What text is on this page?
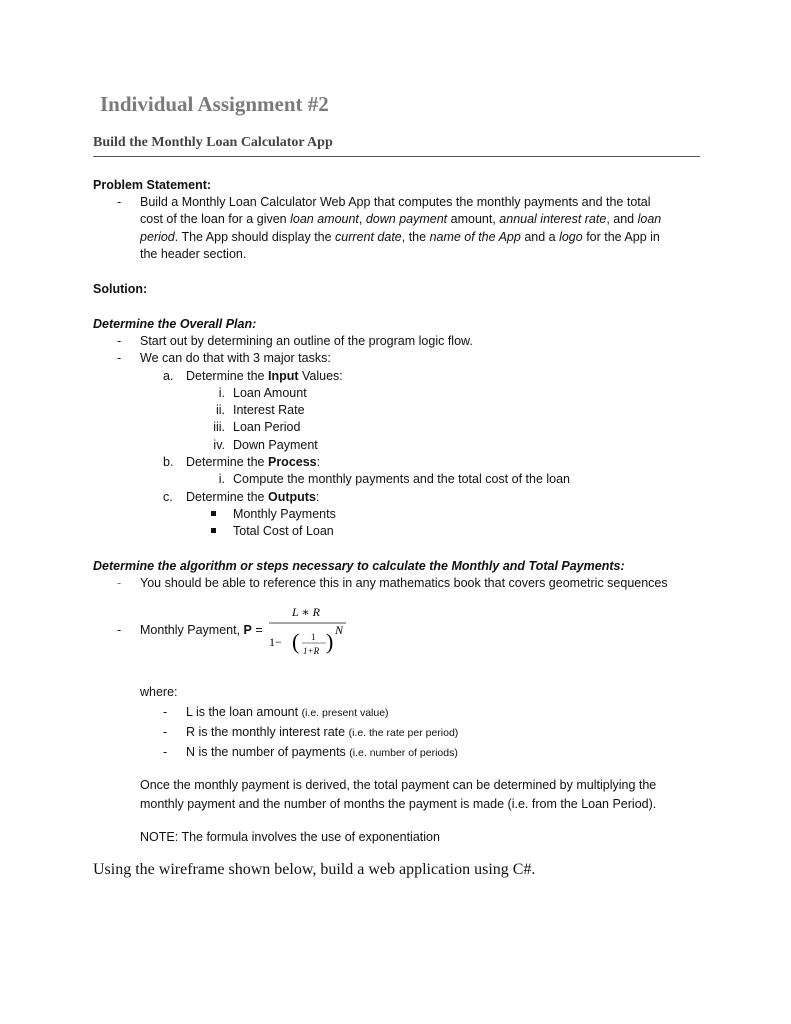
Individual Assignment #2
Build the Monthly Loan Calculator App
Problem Statement:
- Build a Monthly Loan Calculator Web App that computes the monthly payments and the total
cost of the loan for a given loan amount, down payment amount, annual interest rate, and loan
period. The App should display the current date, the name of the App and a logo for the App in
the header section.
Solution:
Determine the Overall Plan:
- Start out by determining an outline of the program logic flow.
- We can do that with 3 major tasks:
a. Determine the Input Values:
i. Loan Amount
ii. Interest Rate
iii. Loan Period
iv. Down Payment
b. Determine the Process:
i. Compute the monthly payments and the total cost of the loan
c. Determine the Outputs:
Monthly Payments
Total Cost of Loan
Determine the algorithm or steps necessary to calculate the Monthly and Total Payments:
- You should be able to reference this in any mathematics book that covers geometric sequences
- Monthly Payment, P =
L ∗ R
1− ( 1
1+R ) N
where:
- L is the loan amount (i.e. present value)
- R is the monthly interest rate (i.e. the rate per period)
- N is the number of payments (i.e. number of periods)
Once the monthly payment is derived, the total payment can be determined by multiplying the
monthly payment and the number of months the payment is made (i.e. from the Loan Period).
NOTE: The formula involves the use of exponentiation
Using the wireframe shown below, build a web application using C#.
